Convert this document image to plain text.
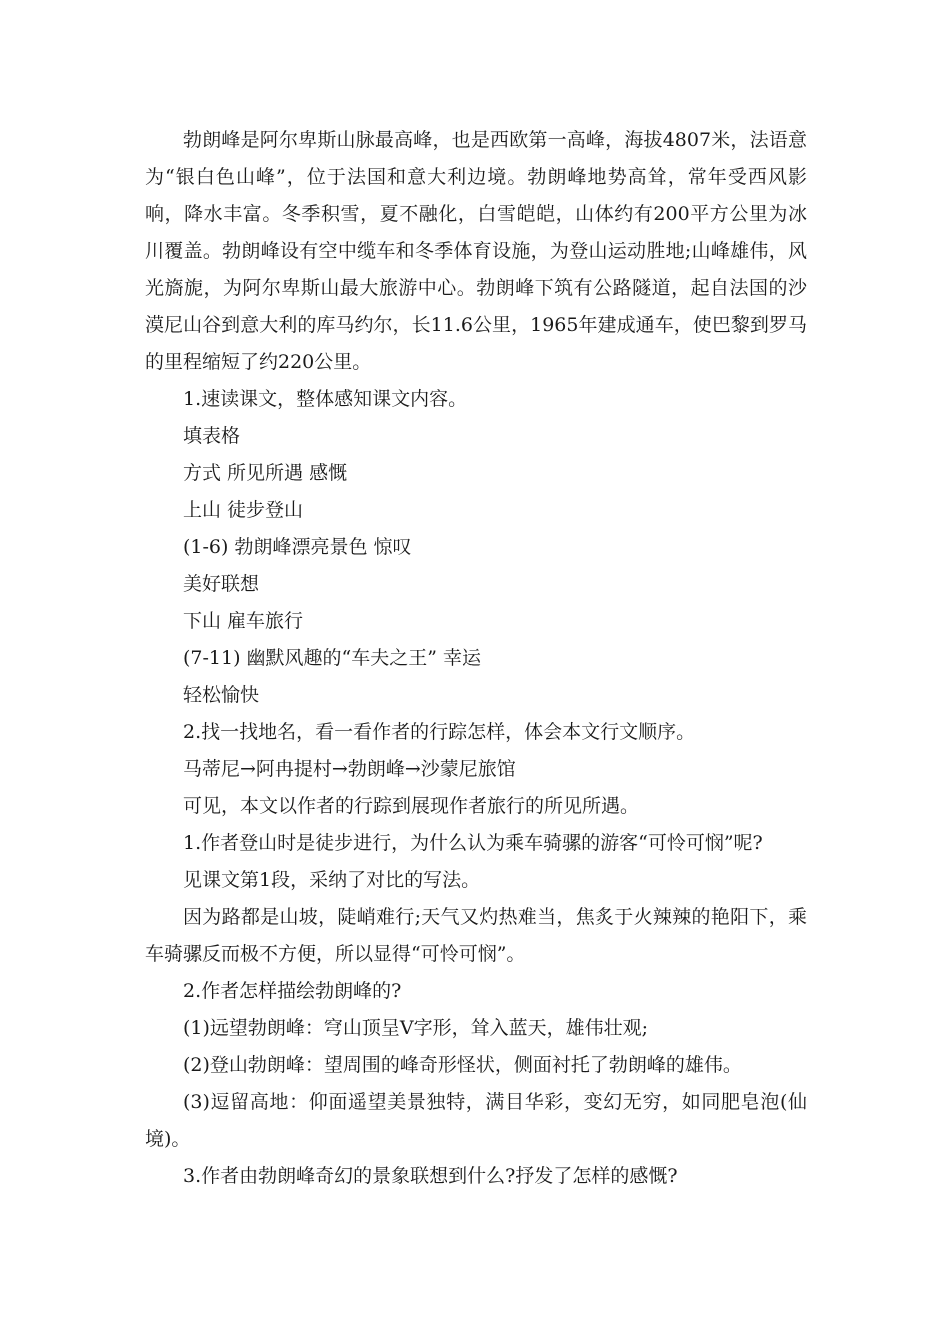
勃朗峰是阿尔卑斯山脉最高峰，也是西欧第一高峰，海拔4807米，法语意为“银白色山峰”，位于法国和意大利边境。勃朗峰地势高耸，常年受西风影响，降水丰富。冬季积雪，夏不融化，白雪皑皑，山体约有200平方公里为冰川覆盖。勃朗峰设有空中缆车和冬季体育设施，为登山运动胜地;山峰雄伟，风光旖旎，为阿尔卑斯山最大旅游中心。勃朗峰下筑有公路隧道，起自法国的沙漠尼山谷到意大利的库马约尔，长11.6公里，1965年建成通车，使巴黎到罗马的里程缩短了约220公里。

1.速读课文，整体感知课文内容。

填表格

方式 所见所遇 感慨

上山 徒步登山

(1-6) 勃朗峰漂亮景色 惊叹

美好联想

下山 雇车旅行

(7-11) 幽默风趣的“车夫之王” 幸运

轻松愉快

2.找一找地名，看一看作者的行踪怎样，体会本文行文顺序。

马蒂尼→阿冉提村→勃朗峰→沙蒙尼旅馆

可见，本文以作者的行踪到展现作者旅行的所见所遇。

1.作者登山时是徒步进行，为什么认为乘车骑骡的游客“可怜可悯”呢?

见课文第1段，采纳了对比的写法。

因为路都是山坡，陡峭难行;天气又灼热难当，焦炙于火辣辣的艳阳下，乘车骑骡反而极不方便，所以显得“可怜可悯”。

2.作者怎样描绘勃朗峰的?

(1)远望勃朗峰：穹山顶呈V字形，耸入蓝天，雄伟壮观;

(2)登山勃朗峰：望周围的峰奇形怪状，侧面衬托了勃朗峰的雄伟。

(3)逗留高地：仰面遥望美景独特，满目华彩，变幻无穷，如同肥皂泡(仙境)。

3.作者由勃朗峰奇幻的景象联想到什么?抒发了怎样的感慨?
